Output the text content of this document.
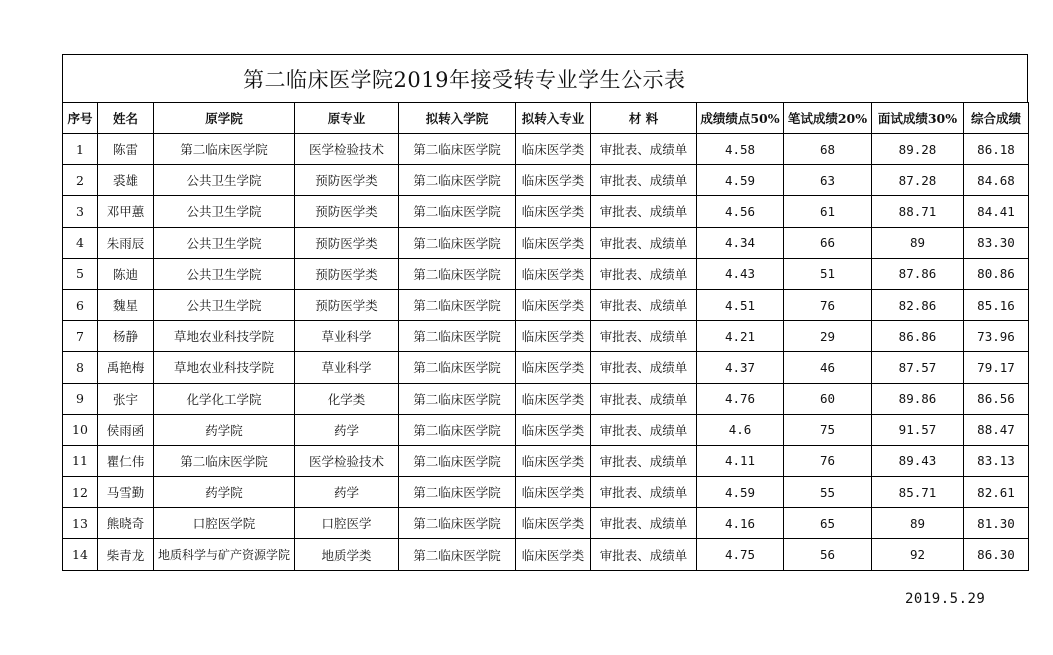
第二临床医学院2019年接受转专业学生公示表
序号	姓名	原学院	原专业	拟转入学院	拟转入专业	材 料	成绩绩点50%	笔试成绩20%	面试成绩30%	综合成绩
1	陈雷	第二临床医学院	医学检验技术	第二临床医学院	临床医学类	审批表、成绩单	4.58	68	89.28	86.18
2	裘雄	公共卫生学院	预防医学类	第二临床医学院	临床医学类	审批表、成绩单	4.59	63	87.28	84.68
3	邓甲蕙	公共卫生学院	预防医学类	第二临床医学院	临床医学类	审批表、成绩单	4.56	61	88.71	84.41
4	朱雨辰	公共卫生学院	预防医学类	第二临床医学院	临床医学类	审批表、成绩单	4.34	66	89	83.30
5	陈迪	公共卫生学院	预防医学类	第二临床医学院	临床医学类	审批表、成绩单	4.43	51	87.86	80.86
6	魏星	公共卫生学院	预防医学类	第二临床医学院	临床医学类	审批表、成绩单	4.51	76	82.86	85.16
7	杨静	草地农业科技学院	草业科学	第二临床医学院	临床医学类	审批表、成绩单	4.21	29	86.86	73.96
8	禹艳梅	草地农业科技学院	草业科学	第二临床医学院	临床医学类	审批表、成绩单	4.37	46	87.57	79.17
9	张宇	化学化工学院	化学类	第二临床医学院	临床医学类	审批表、成绩单	4.76	60	89.86	86.56
10	侯雨函	药学院	药学	第二临床医学院	临床医学类	审批表、成绩单	4.6	75	91.57	88.47
11	瞿仁伟	第二临床医学院	医学检验技术	第二临床医学院	临床医学类	审批表、成绩单	4.11	76	89.43	83.13
12	马雪勤	药学院	药学	第二临床医学院	临床医学类	审批表、成绩单	4.59	55	85.71	82.61
13	熊晓奇	口腔医学院	口腔医学	第二临床医学院	临床医学类	审批表、成绩单	4.16	65	89	81.30
14	柴青龙	地质科学与矿产资源学院	地质学类	第二临床医学院	临床医学类	审批表、成绩单	4.75	56	92	86.30
2019.5.29
